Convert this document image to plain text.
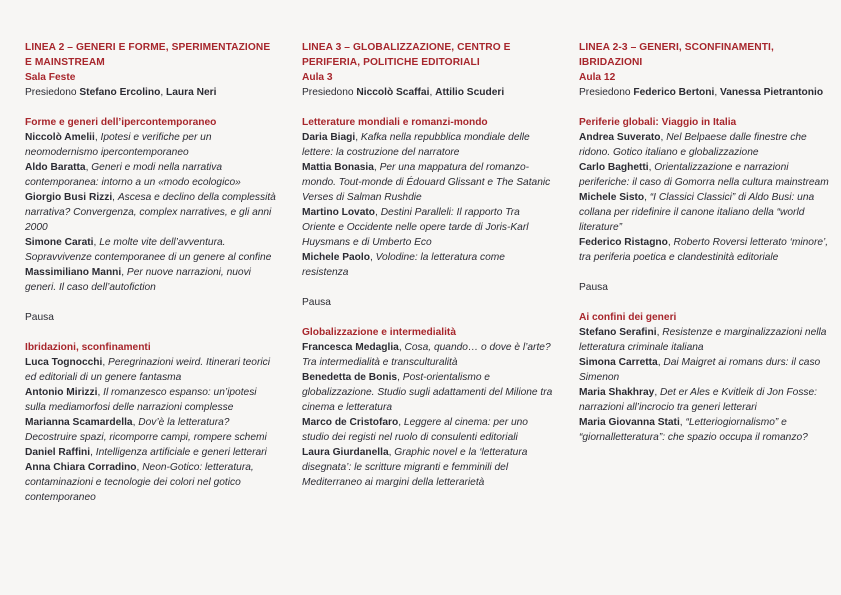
LINEA 2 – GENERI E FORME, SPERIMENTAZIONE E MAINSTREAM
Sala Feste
Presiedono Stefano Ercolino, Laura Neri
Forme e generi dell’ipercontemporaneo

Niccolò Amelii, Ipotesi e verifiche per un neomodernismo ipercontemporaneo

Aldo Baratta, Generi e modi nella narrativa contemporanea: intorno a un «modo ecologico»

Giorgio Busi Rizzi, Ascesa e declino della complessità narrativa? Convergenza, complex narratives, e gli anni 2000

Simone Carati, Le molte vite dell’avventura. Sopravvivenze contemporanee di un genere al confine

Massimiliano Manni, Per nuove narrazioni, nuovi generi. Il caso dell’autofiction

Pausa
Ibridazioni, sconfinamenti

Luca Tognocchi, Peregrinazioni weird. Itinerari teorici ed editoriali di un genere fantasma

Antonio Mirizzi, Il romanzesco espanso: un’ipotesi sulla mediamorfosi delle narrazioni complesse

Marianna Scamardella, Dov’è la letteratura? Decostruire spazi, ricomporre campi, rompere schemi

Daniel Raffini, Intelligenza artificiale e generi letterari

Anna Chiara Corradino, Neon-Gotico: letteratura, contaminazioni e tecnologie dei colori nel gotico contemporaneo

LINEA 3 – GLOBALIZZAZIONE, CENTRO E PERIFERIA, POLITICHE EDITORIALI
Aula 3
Presiedono Niccolò Scaffai, Attilio Scuderi
Letterature mondiali e romanzi-mondo

Daria Biagi, Kafka nella repubblica mondiale delle lettere: la costruzione del narratore

Mattia Bonasia, Per una mappatura del romanzo-mondo. Tout-monde di Édouard Glissant e The Satanic Verses di Salman Rushdie

Martino Lovato, Destini Paralleli: Il rapporto Tra Oriente e Occidente nelle opere tarde di Joris-Karl Huysmans e di Umberto Eco

Michele Paolo, Volodine: la letteratura come resistenza

Pausa
Globalizzazione e intermedialità

Francesca Medaglia, Cosa, quando… o dove è l’arte? Tra intermedialità e transculturalità

Benedetta de Bonis, Post-orientalismo e globalizzazione. Studio sugli adattamenti del Milione tra cinema e letteratura

Marco de Cristofaro, Leggere al cinema: per uno studio dei registi nel ruolo di consulenti editoriali

Laura Giurdanella, Graphic novel e la ‘letteratura disegnata’: le scritture migranti e femminili del Mediterraneo ai margini della letterarietà

LINEA 2-3 – GENERI, SCONFINAMENTI, IBRIDAZIONI
Aula 12
Presiedono Federico Bertoni, Vanessa Pietrantonio
Periferie globali: Viaggio in Italia

Andrea Suverato, Nel Belpaese dalle finestre che ridono. Gotico italiano e globalizzazione

Carlo Baghetti, Orientalizzazione e narrazioni periferiche: il caso di Gomorra nella cultura mainstream

Michele Sisto, “I Classici Classici” di Aldo Busi: una collana per ridefinire il canone italiano della “world literature”

Federico Ristagno, Roberto Roversi letterato ‘minore’, tra periferia poetica e clandestinità editoriale

Pausa
Ai confini dei generi

Stefano Serafini, Resistenze e marginalizzazioni nella letteratura criminale italiana

Simona Carretta, Dai Maigret ai romans durs: il caso Simenon

Maria Shakhray, Det er Ales e Kvitleik di Jon Fosse: narrazioni all’incrocio tra generi letterari

Maria Giovanna Stati, “Letteriogiornalismo” e “giornalletteratura”: che spazio occupa il romanzo?
